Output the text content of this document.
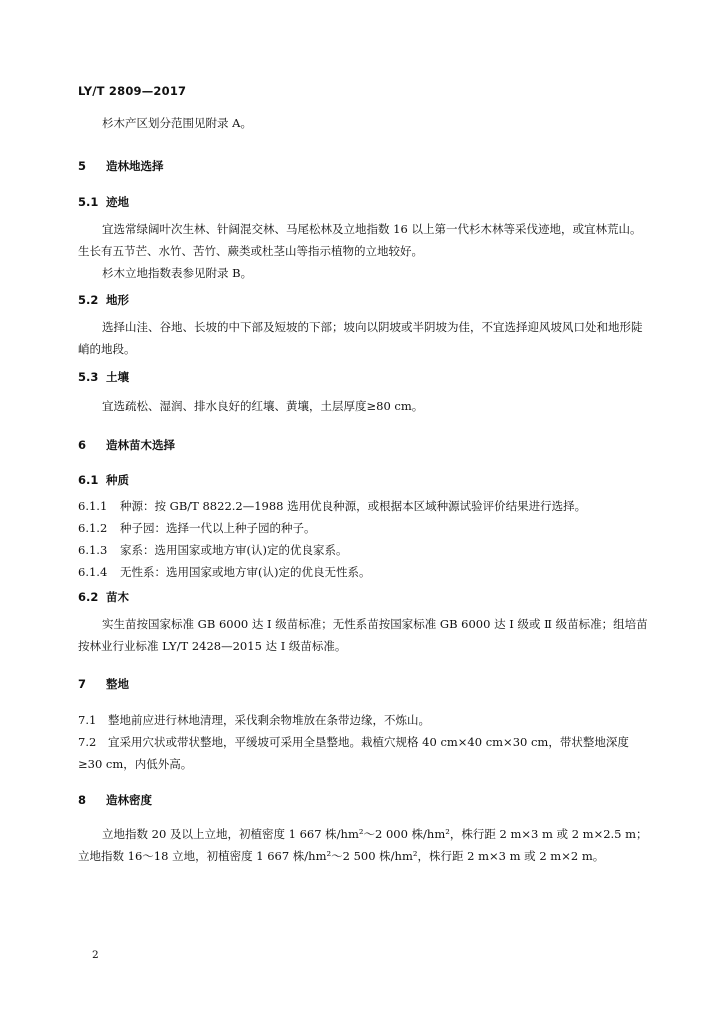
LY/T 2809—2017

杉木产区划分范围见附录 A。

5 造林地选择
5.1 迹地

宜选常绿阔叶次生林、针阔混交林、马尾松林及立地指数 16 以上第一代杉木林等采伐迹地，或宜林荒山。生长有五节芒、水竹、苦竹、蕨类或杜茎山等指示植物的立地较好。

杉木立地指数表参见附录 B。

5.2 地形

选择山洼、谷地、长坡的中下部及短坡的下部；坡向以阴坡或半阴坡为佳，不宜选择迎风坡风口处和地形陡峭的地段。

5.3 土壤

宜选疏松、湿润、排水良好的红壤、黄壤，土层厚度≥80 cm。

6 造林苗木选择
6.1 种质

6.1.1 种源：按 GB/T 8822.2—1988 选用优良种源，或根据本区域种源试验评价结果进行选择。

6.1.2 种子园：选择一代以上种子园的种子。

6.1.3 家系：选用国家或地方审(认)定的优良家系。

6.1.4 无性系：选用国家或地方审(认)定的优良无性系。

6.2 苗木

实生苗按国家标准 GB 6000 达 Ⅰ 级苗标准；无性系苗按国家标准 GB 6000 达 Ⅰ 级或 Ⅱ 级苗标准；组培苗按林业行业标准 LY/T 2428—2015 达 Ⅰ 级苗标准。

7 整地

7.1 整地前应进行林地清理，采伐剩余物堆放在条带边缘，不炼山。

7.2 宜采用穴状或带状整地，平缓坡可采用全垦整地。栽植穴规格 40 cm×40 cm×30 cm，带状整地深度≥30 cm，内低外高。

8 造林密度

立地指数 20 及以上立地，初植密度 1 667 株/hm²～2 000 株/hm²，株行距 2 m×3 m 或 2 m×2.5 m；立地指数 16～18 立地，初植密度 1 667 株/hm²～2 500 株/hm²，株行距 2 m×3 m 或 2 m×2 m。

2
